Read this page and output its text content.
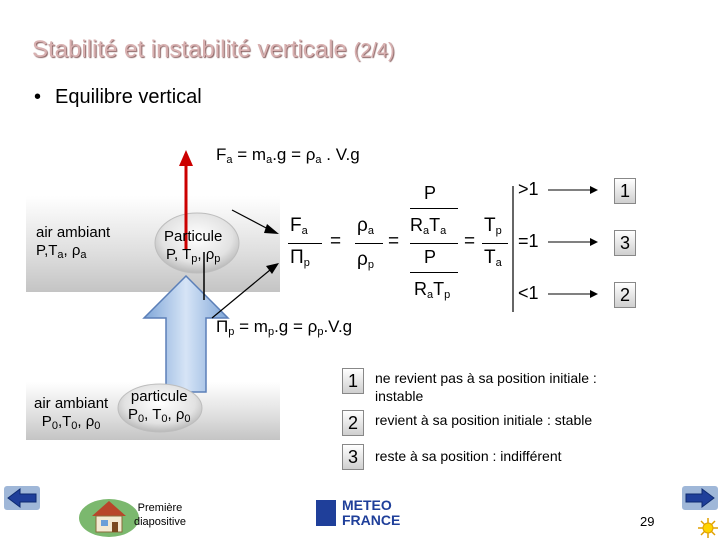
Stabilité et instabilité verticale (2/4)
• Equilibre vertical
$F_a = m_a.g = \rho_a$ . V.g
air ambiant
$P,T_a$, $\rho_a$
Particule
P, $T_p$, $\rho_p$
air ambiant
$P_0,T_0$, $\rho_0$
particule
$P_0$, $T_0$, $\rho_0$
$F_a$
$\Pi_p$
=
$\rho_a$
$\rho_p$
=
P
$R_aT_a$
P
$R_aT_p$
=
$T_p$
$T_a$
>1
=1
<1
1
3
2
$\Pi_p = m_p.g = \rho_p.V.g$
1	ne revient pas à sa position initiale :
instable
2	revient à sa position initiale : stable
3	reste à sa position : indifférent
Première
diapositive
METEO
FRANCE	29
